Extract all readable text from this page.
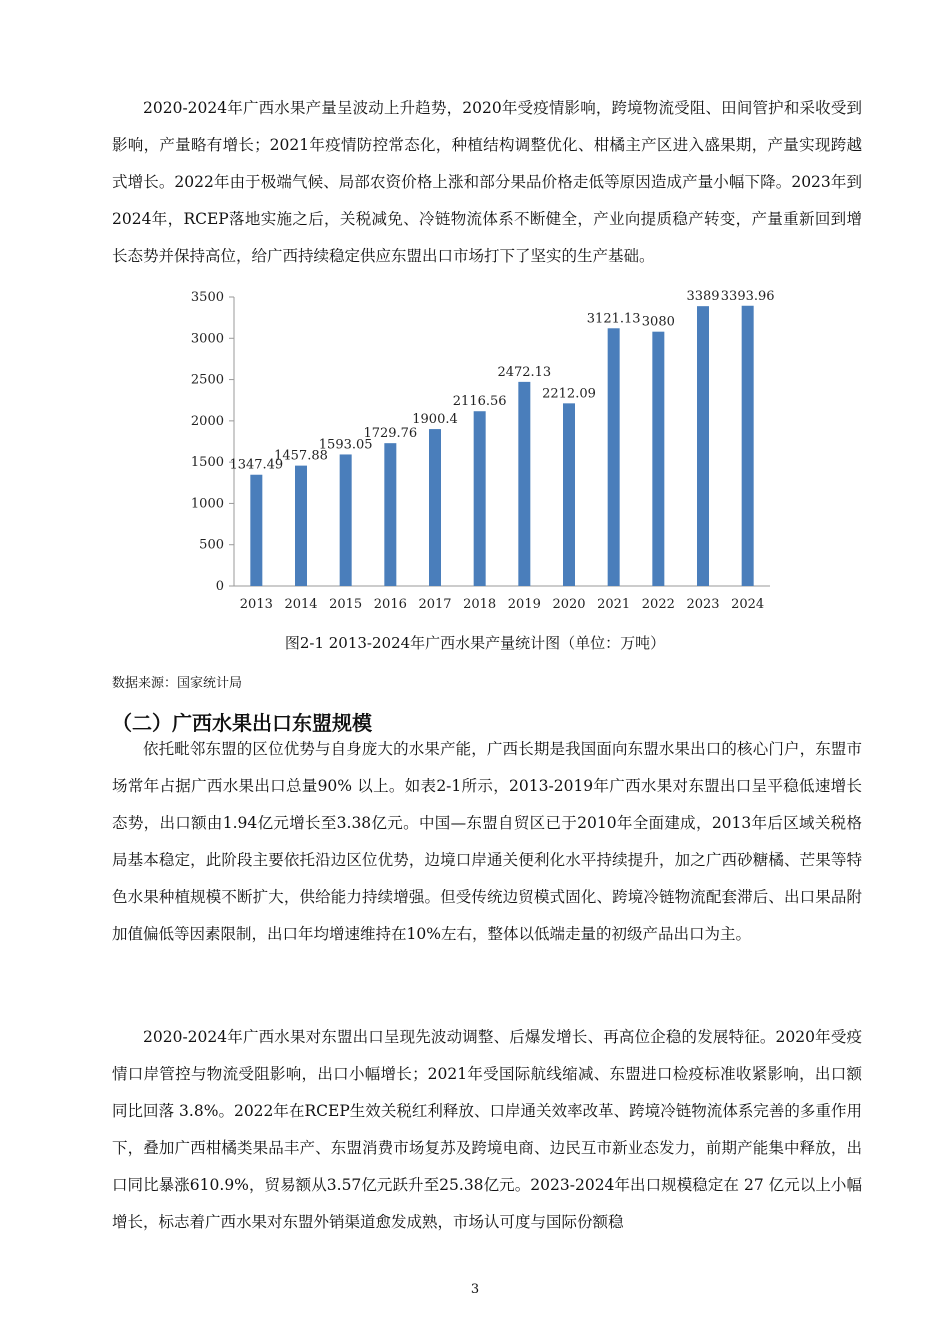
2020-2024年广西水果产量呈波动上升趋势，2020年受疫情影响，跨境物流受阻、田间管护和采收受到影响，产量略有增长；2021年疫情防控常态化，种植结构调整优化、柑橘主产区进入盛果期，产量实现跨越式增长。2022年由于极端气候、局部农资价格上涨和部分果品价格走低等原因造成产量小幅下降。2023年到2024年，RCEP落地实施之后，关税减免、冷链物流体系不断健全，产业向提质稳产转变，产量重新回到增长态势并保持高位，给广西持续稳定供应东盟出口市场打下了坚实的生产基础。

0
500
1000
1500
2000
2500
3000
3500
1347.49
2013
1457.88
2014
1593.05
2015
1729.76
2016
1900.4
2017
2116.56
2018
2472.13
2019
2212.09
2020
3121.13
2021
3080
2022
3389
2023
3393.96
2024
图2-1 2013-2024年广西水果产量统计图（单位：万吨）
数据来源：国家统计局
（二）广西水果出口东盟规模

依托毗邻东盟的区位优势与自身庞大的水果产能，广西长期是我国面向东盟水果出口的核心门户，东盟市场常年占据广西水果出口总量90% 以上。如表2-1所示，2013-2019年广西水果对东盟出口呈平稳低速增长态势，出口额由1.94亿元增长至3.38亿元。中国—东盟自贸区已于2010年全面建成，2013年后区域关税格局基本稳定，此阶段主要依托沿边区位优势，边境口岸通关便利化水平持续提升，加之广西砂糖橘、芒果等特色水果种植规模不断扩大，供给能力持续增强。但受传统边贸模式固化、跨境冷链物流配套滞后、出口果品附加值偏低等因素限制，出口年均增速维持在10%左右，整体以低端走量的初级产品出口为主。

2020-2024年广西水果对东盟出口呈现先波动调整、后爆发增长、再高位企稳的发展特征。2020年受疫情口岸管控与物流受阻影响，出口小幅增长；2021年受国际航线缩减、东盟进口检疫标准收紧影响，出口额同比回落 3.8%。2022年在RCEP生效关税红利释放、口岸通关效率改革、跨境冷链物流体系完善的多重作用下，叠加广西柑橘类果品丰产、东盟消费市场复苏及跨境电商、边民互市新业态发力，前期产能集中释放，出口同比暴涨610.9%，贸易额从3.57亿元跃升至25.38亿元。2023-2024年出口规模稳定在 27 亿元以上小幅增长，标志着广西水果对东盟外销渠道愈发成熟，市场认可度与国际份额稳

3
